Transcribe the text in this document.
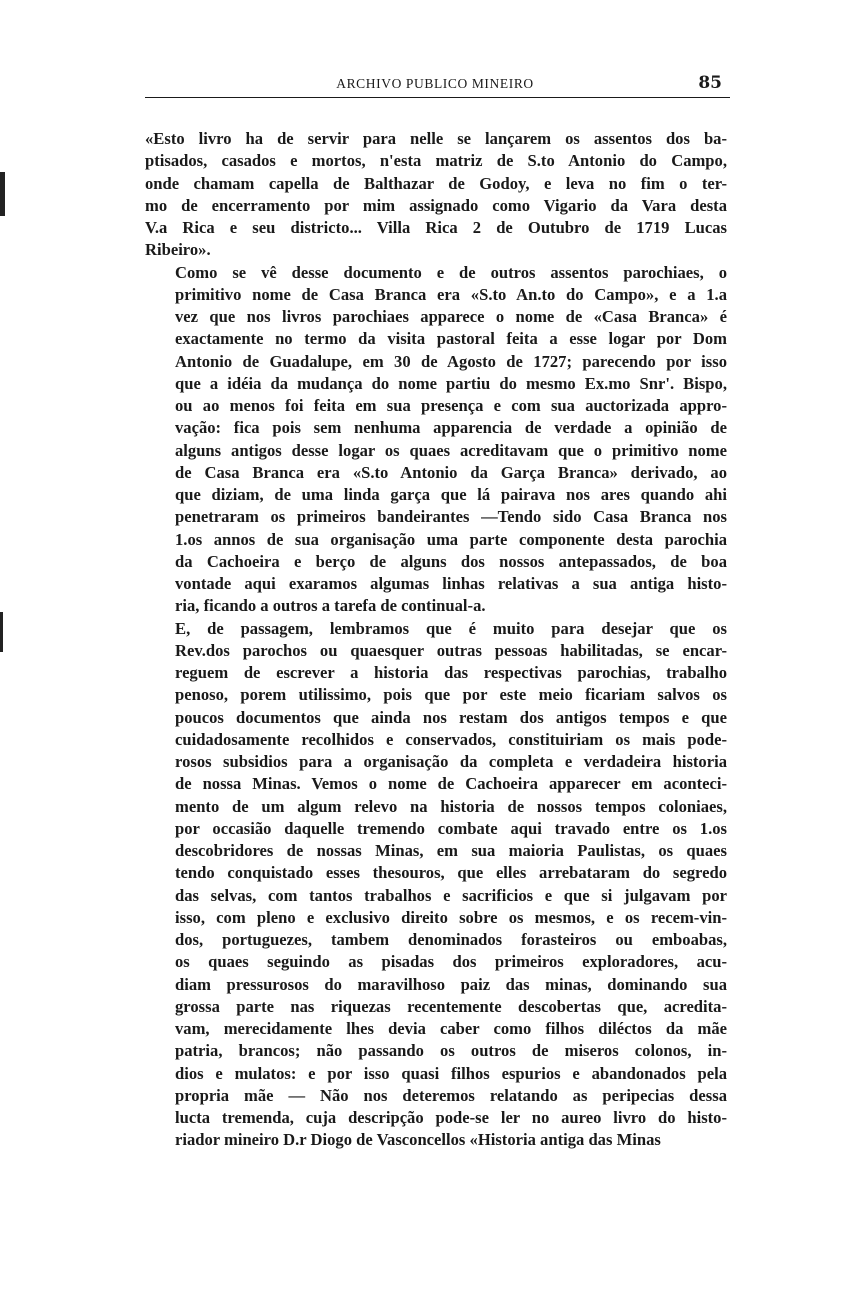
ARCHIVO PUBLICO MINEIRO	85

«Esto livro ha de servir para nelle se lançarem os assentos dos ba-
ptisados, casados e mortos, n'esta matriz de S.to Antonio do Campo,
onde chamam capella de Balthazar de Godoy, e leva no fim o ter-
mo de encerramento por mim assignado como Vigario da Vara desta
V.a Rica e seu districto... Villa Rica 2 de Outubro de 1719 Lucas
Ribeiro».

Como se vê desse documento e de outros assentos parochiaes, o
primitivo nome de Casa Branca era «S.to An.to do Campo», e a 1.a
vez que nos livros parochiaes apparece o nome de «Casa Branca» é
exactamente no termo da visita pastoral feita a esse logar por Dom
Antonio de Guadalupe, em 30 de Agosto de 1727; parecendo por isso
que a idéia da mudança do nome partiu do mesmo Ex.mo Snr'. Bispo,
ou ao menos foi feita em sua presença e com sua auctorizada appro-
vação: fica pois sem nenhuma apparencia de verdade a opinião de
alguns antigos desse logar os quaes acreditavam que o primitivo nome
de Casa Branca era «S.to Antonio da Garça Branca» derivado, ao
que diziam, de uma linda garça que lá pairava nos ares quando ahi
penetraram os primeiros bandeirantes —Tendo sido Casa Branca nos
1.os annos de sua organisação uma parte componente desta parochia
da Cachoeira e berço de alguns dos nossos antepassados, de boa
vontade aqui exaramos algumas linhas relativas a sua antiga histo-
ria, ficando a outros a tarefa de continual-a.

E, de passagem, lembramos que é muito para desejar que os
Rev.dos parochos ou quaesquer outras pessoas habilitadas, se encar-
reguem de escrever a historia das respectivas parochias, trabalho
penoso, porem utilissimo, pois que por este meio ficariam salvos os
poucos documentos que ainda nos restam dos antigos tempos e que
cuidadosamente recolhidos e conservados, constituiriam os mais pode-
rosos subsidios para a organisação da completa e verdadeira historia
de nossa Minas. Vemos o nome de Cachoeira apparecer em aconteci-
mento de um algum relevo na historia de nossos tempos coloniaes,
por occasião daquelle tremendo combate aqui travado entre os 1.os
descobridores de nossas Minas, em sua maioria Paulistas, os quaes
tendo conquistado esses thesouros, que elles arrebataram do segredo
das selvas, com tantos trabalhos e sacrificios e que si julgavam por
isso, com pleno e exclusivo direito sobre os mesmos, e os recem-vin-
dos, portuguezes, tambem denominados forasteiros ou emboabas,
os quaes seguindo as pisadas dos primeiros exploradores, acu-
diam pressurosos do maravilhoso paiz das minas, dominando sua
grossa parte nas riquezas recentemente descobertas que, acredita-
vam, merecidamente lhes devia caber como filhos diléctos da mãe
patria, brancos; não passando os outros de miseros colonos, in-
dios e mulatos: e por isso quasi filhos espurios e abandonados pela
propria mãe — Não nos deteremos relatando as peripecias dessa
lucta tremenda, cuja descripção pode-se ler no aureo livro do histo-
riador mineiro D.r Diogo de Vasconcellos «Historia antiga das Minas
